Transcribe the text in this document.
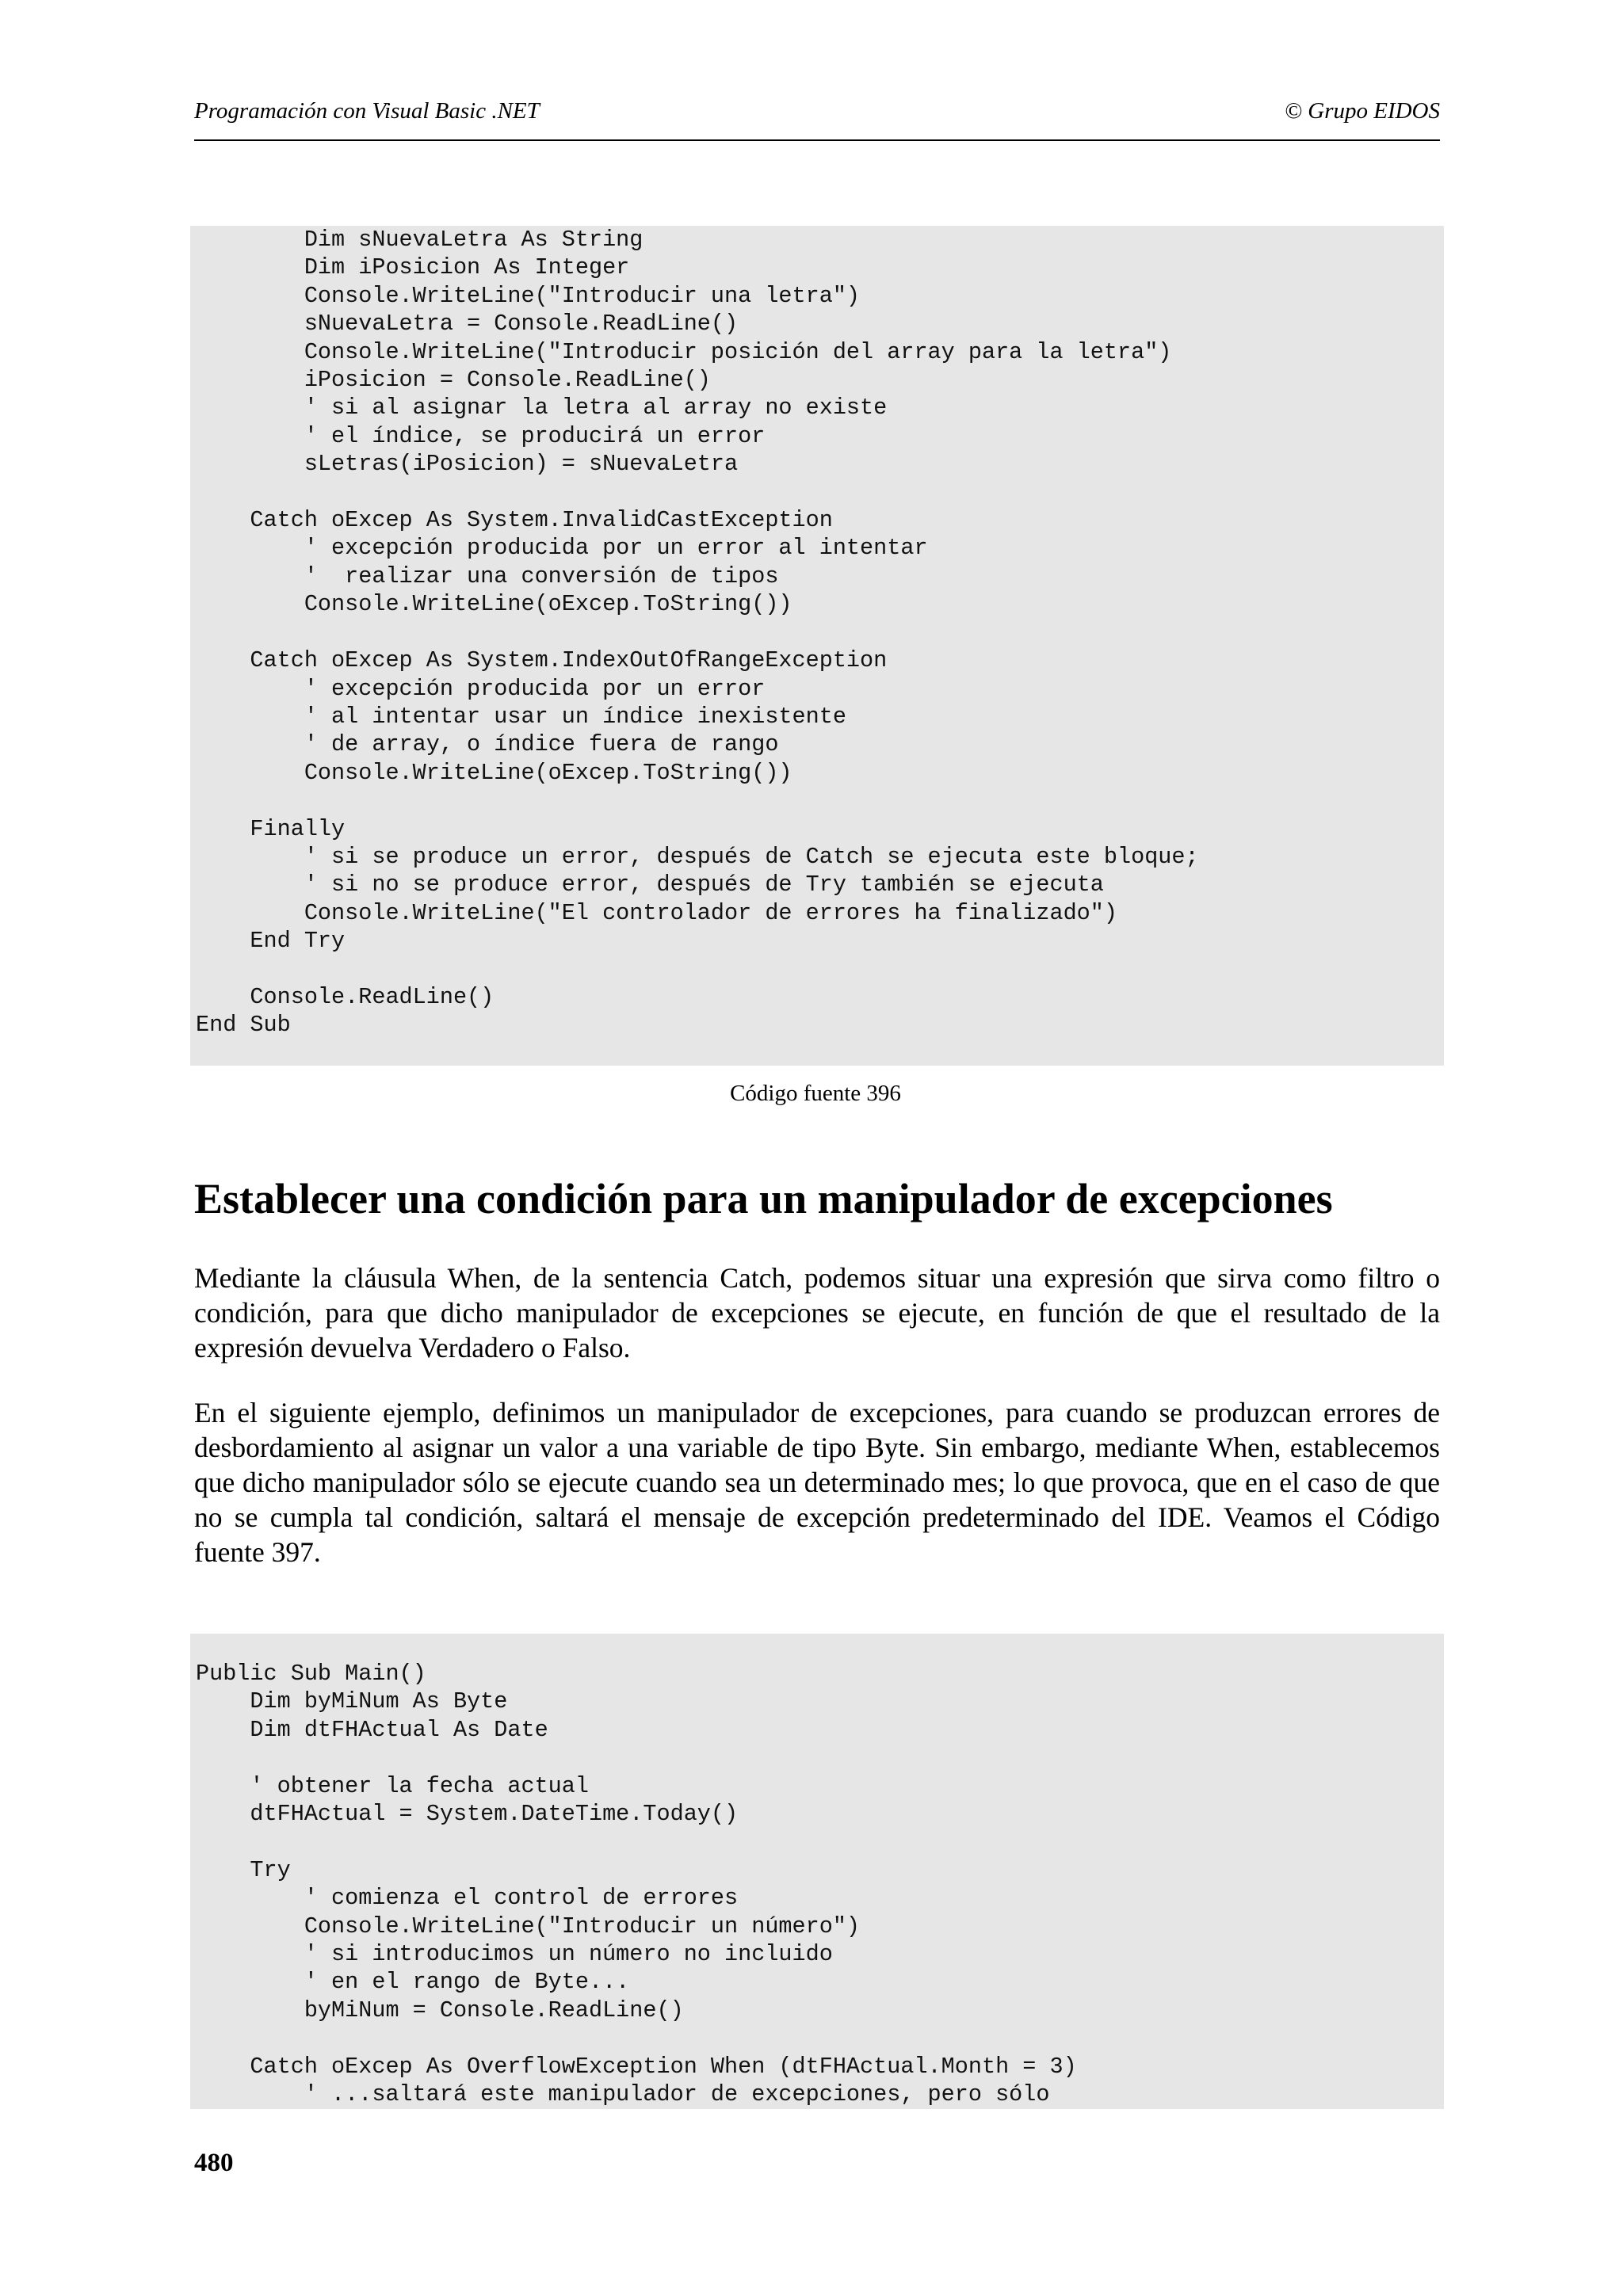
Programación con Visual Basic .NET	© Grupo EIDOS
Dim sNuevaLetra As String
Dim iPosicion As Integer
Console.WriteLine("Introducir una letra")
sNuevaLetra = Console.ReadLine()
Console.WriteLine("Introducir posición del array para la letra")
iPosicion = Console.ReadLine()
' si al asignar la letra al array no existe
' el índice, se producirá un error
sLetras(iPosicion) = sNuevaLetra

Catch oExcep As System.InvalidCastException
' excepción producida por un error al intentar
'  realizar una conversión de tipos
Console.WriteLine(oExcep.ToString())

Catch oExcep As System.IndexOutOfRangeException
' excepción producida por un error
' al intentar usar un índice inexistente
' de array, o índice fuera de rango
Console.WriteLine(oExcep.ToString())

Finally
' si se produce un error, después de Catch se ejecuta este bloque;
' si no se produce error, después de Try también se ejecuta
Console.WriteLine("El controlador de errores ha finalizado")
End Try

Console.ReadLine()
End Sub
Código fuente 396
Establecer una condición para un manipulador de excepciones

Mediante la cláusula When, de la sentencia Catch, podemos situar una expresión que sirva como filtro o condición, para que dicho manipulador de excepciones se ejecute, en función de que el resultado de la expresión devuelva Verdadero o Falso.

En el siguiente ejemplo, definimos un manipulador de excepciones, para cuando se produzcan errores de desbordamiento al asignar un valor a una variable de tipo Byte. Sin embargo, mediante When, establecemos que dicho manipulador sólo se ejecute cuando sea un determinado mes; lo que provoca, que en el caso de que no se cumpla tal condición, saltará el mensaje de excepción predeterminado del IDE. Veamos el Código fuente 397.

Public Sub Main()
Dim byMiNum As Byte
Dim dtFHActual As Date

' obtener la fecha actual
dtFHActual = System.DateTime.Today()

Try
' comienza el control de errores
Console.WriteLine("Introducir un número")
' si introducimos un número no incluido
' en el rango de Byte...
byMiNum = Console.ReadLine()

Catch oExcep As OverflowException When (dtFHActual.Month = 3)
' ...saltará este manipulador de excepciones, pero sólo
480
